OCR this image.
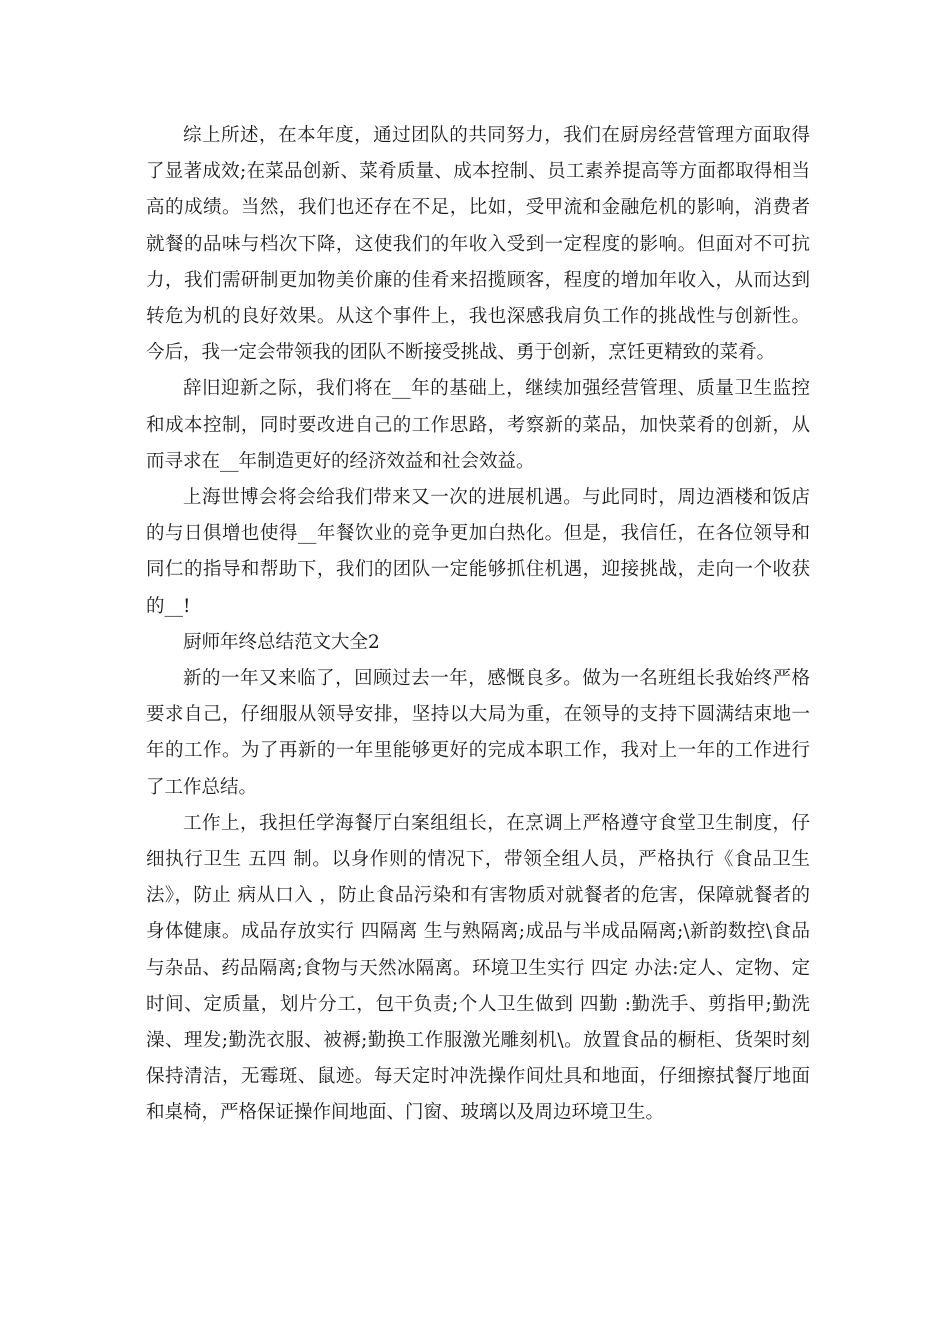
综上所述，在本年度，通过团队的共同努力，我们在厨房经营管理方面取得了显著成效;在菜品创新、菜肴质量、成本控制、员工素养提高等方面都取得相当高的成绩。当然，我们也还存在不足，比如，受甲流和金融危机的影响，消费者就餐的品味与档次下降，这使我们的年收入受到一定程度的影响。但面对不可抗力，我们需研制更加物美价廉的佳肴来招揽顾客，程度的增加年收入，从而达到转危为机的良好效果。从这个事件上，我也深感我肩负工作的挑战性与创新性。今后，我一定会带领我的团队不断接受挑战、勇于创新，烹饪更精致的菜肴。

辞旧迎新之际，我们将在__年的基础上，继续加强经营管理、质量卫生监控和成本控制，同时要改进自己的工作思路，考察新的菜品，加快菜肴的创新，从而寻求在__年制造更好的经济效益和社会效益。

上海世博会将会给我们带来又一次的进展机遇。与此同时，周边酒楼和饭店的与日俱增也使得__年餐饮业的竞争更加白热化。但是，我信任，在各位领导和同仁的指导和帮助下，我们的团队一定能够抓住机遇，迎接挑战，走向一个收获的__!

厨师年终总结范文大全2

新的一年又来临了，回顾过去一年，感慨良多。做为一名班组长我始终严格要求自己，仔细服从领导安排，坚持以大局为重，在领导的支持下圆满结束地一年的工作。为了再新的一年里能够更好的完成本职工作，我对上一年的工作进行了工作总结。

工作上，我担任学海餐厅白案组组长，在烹调上严格遵守食堂卫生制度，仔细执行卫生 五四 制。以身作则的情况下，带领全组人员，严格执行《食品卫生法》，防止 病从口入 ，防止食品污染和有害物质对就餐者的危害，保障就餐者的身体健康。成品存放实行 四隔离 生与熟隔离;成品与半成品隔离;\新韵数控\食品与杂品、药品隔离;食物与天然冰隔离。环境卫生实行 四定 办法:定人、定物、定时间、定质量，划片分工，包干负责;个人卫生做到 四勤 :勤洗手、剪指甲;勤洗澡、理发;勤洗衣服、被褥;勤换工作服激光雕刻机\。放置食品的橱柜、货架时刻保持清洁，无霉斑、鼠迹。每天定时冲洗操作间灶具和地面，仔细擦拭餐厅地面和桌椅，严格保证操作间地面、门窗、玻璃以及周边环境卫生。
